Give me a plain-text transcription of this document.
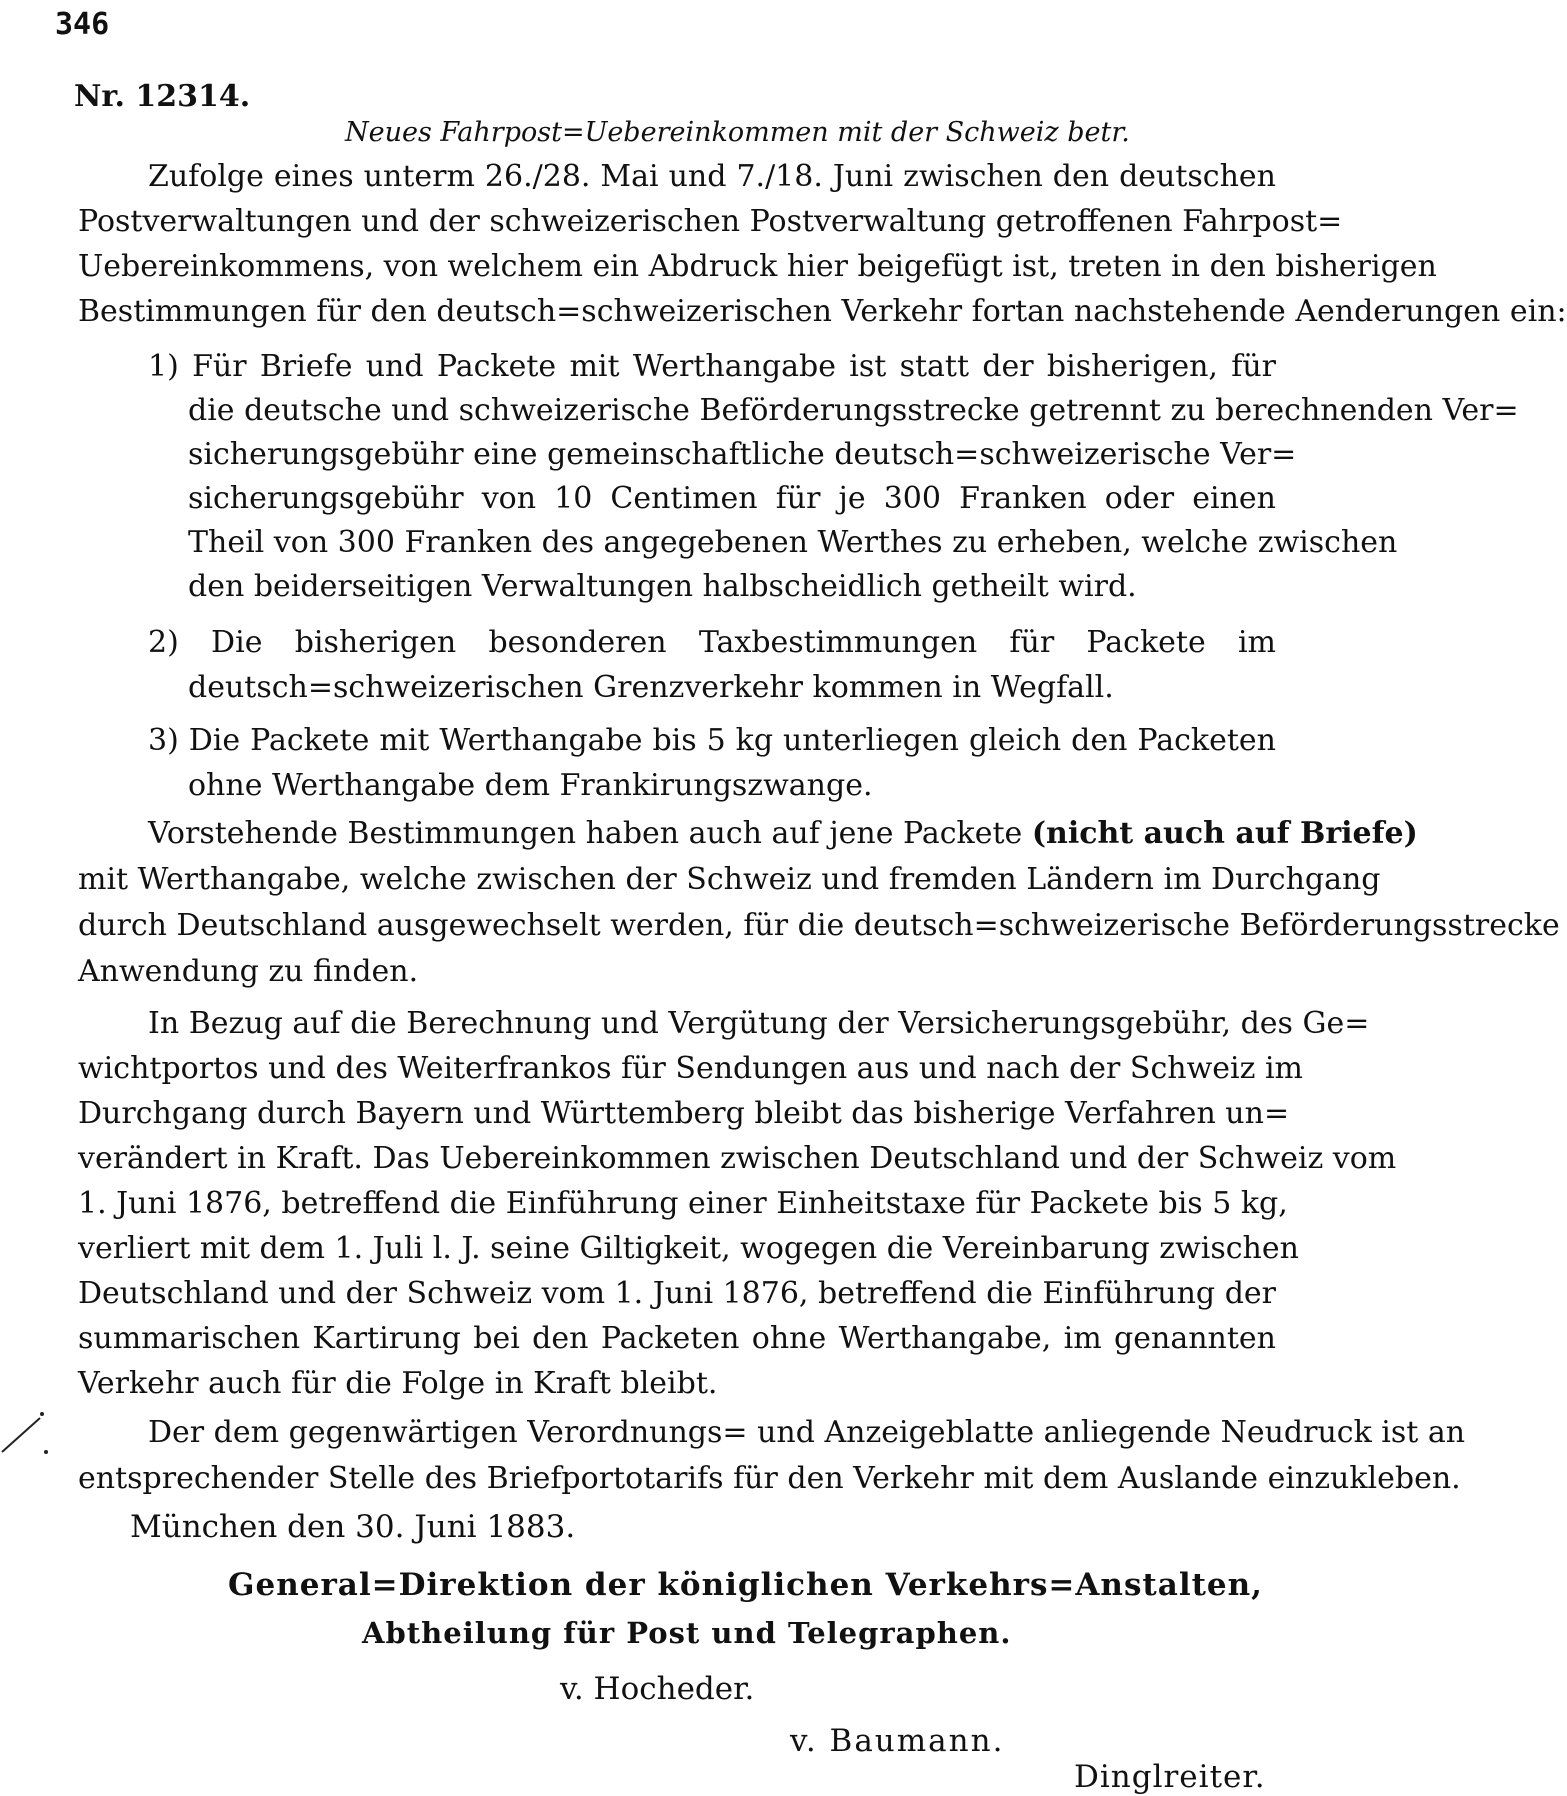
346
Nr. 12314.
Neues Fahrpost=Uebereinkommen mit der Schweiz betr.
Zufolge eines unterm 26./28. Mai und 7./18. Juni zwischen den deutschen
Postverwaltungen und der schweizerischen Postverwaltung getroffenen Fahrpost=
Uebereinkommens, von welchem ein Abdruck hier beigefügt ist, treten in den bisherigen
Bestimmungen für den deutsch=schweizerischen Verkehr fortan nachstehende Aenderungen ein:
1) Für Briefe und Packete mit Werthangabe ist statt der bisherigen, für
die deutsche und schweizerische Beförderungsstrecke getrennt zu berechnenden Ver=
sicherungsgebühr eine gemeinschaftliche deutsch=schweizerische Ver=
sicherungsgebühr von 10 Centimen für je 300 Franken oder einen
Theil von 300 Franken des angegebenen Werthes zu erheben, welche zwischen
den beiderseitigen Verwaltungen halbscheidlich getheilt wird.
2) Die bisherigen besonderen Taxbestimmungen für Packete im
deutsch=schweizerischen Grenzverkehr kommen in Wegfall.
3) Die Packete mit Werthangabe bis 5 kg unterliegen gleich den Packeten
ohne Werthangabe dem Frankirungszwange.
Vorstehende Bestimmungen haben auch auf jene Packete (nicht auch auf Briefe)
mit Werthangabe, welche zwischen der Schweiz und fremden Ländern im Durchgang
durch Deutschland ausgewechselt werden, für die deutsch=schweizerische Beförderungsstrecke
Anwendung zu finden.
In Bezug auf die Berechnung und Vergütung der Versicherungsgebühr, des Ge=
wichtportos und des Weiterfrankos für Sendungen aus und nach der Schweiz im
Durchgang durch Bayern und Württemberg bleibt das bisherige Verfahren un=
verändert in Kraft. Das Uebereinkommen zwischen Deutschland und der Schweiz vom
1. Juni 1876, betreffend die Einführung einer Einheitstaxe für Packete bis 5 kg,
verliert mit dem 1. Juli l. J. seine Giltigkeit, wogegen die Vereinbarung zwischen
Deutschland und der Schweiz vom 1. Juni 1876, betreffend die Einführung der
summarischen Kartirung bei den Packeten ohne Werthangabe, im genannten
Verkehr auch für die Folge in Kraft bleibt.
Der dem gegenwärtigen Verordnungs= und Anzeigeblatte anliegende Neudruck ist an
entsprechender Stelle des Briefportotarifs für den Verkehr mit dem Auslande einzukleben.
München den 30. Juni 1883.
General=Direktion der königlichen Verkehrs=Anstalten,
Abtheilung für Post und Telegraphen.
v. Hocheder.
v. Baumann.
Dinglreiter.
